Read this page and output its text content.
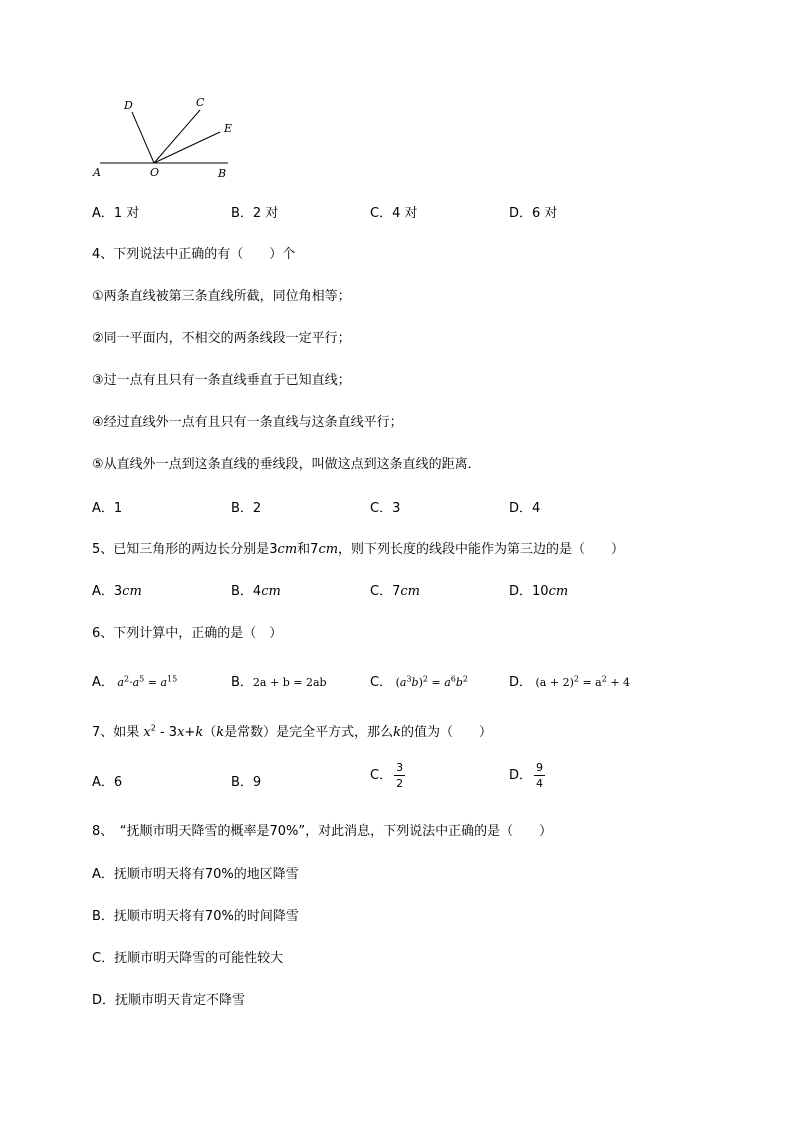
A	O	B
D	C
E
A．1 对	B．2 对	C．4 对	D．6 对
4、下列说法中正确的有（　　）个
①两条直线被第三条直线所截，同位角相等；
②同一平面内，不相交的两条线段一定平行；
③过一点有且只有一条直线垂直于已知直线；
④经过直线外一点有且只有一条直线与这条直线平行；
⑤从直线外一点到这条直线的垂线段，叫做这点到这条直线的距离．
A．1	B．2	C．3	D．4
5、已知三角形的两边长分别是3cm和7cm，则下列长度的线段中能作为第三边的是（　　）
A．3cm	B．4cm	C．7cm	D．10cm
6、下列计算中，正确的是（　）
A． $a^2\cdot a^5 = a^{15}$	B．2a + b = 2ab	C． $(a^3b)^2 = a^6b^2$	D． $(a + 2)^2 = a^2 + 4$
7、如果 $x^2 - 3x+k(k$是常数）是完全平方式，那么k的值为（　　）
A．6	B．9	C． $\frac{3}{2}$	D． $\frac{9}{4}$
8、　“抚顺市明天降雪的概率是70%”，对此消息，下列说法中正确的是（　　）
A．抚顺市明天将有70%的地区降雪
B．抚顺市明天将有70%的时间降雪
C．抚顺市明天降雪的可能性较大
D．抚顺市明天肯定不降雪
